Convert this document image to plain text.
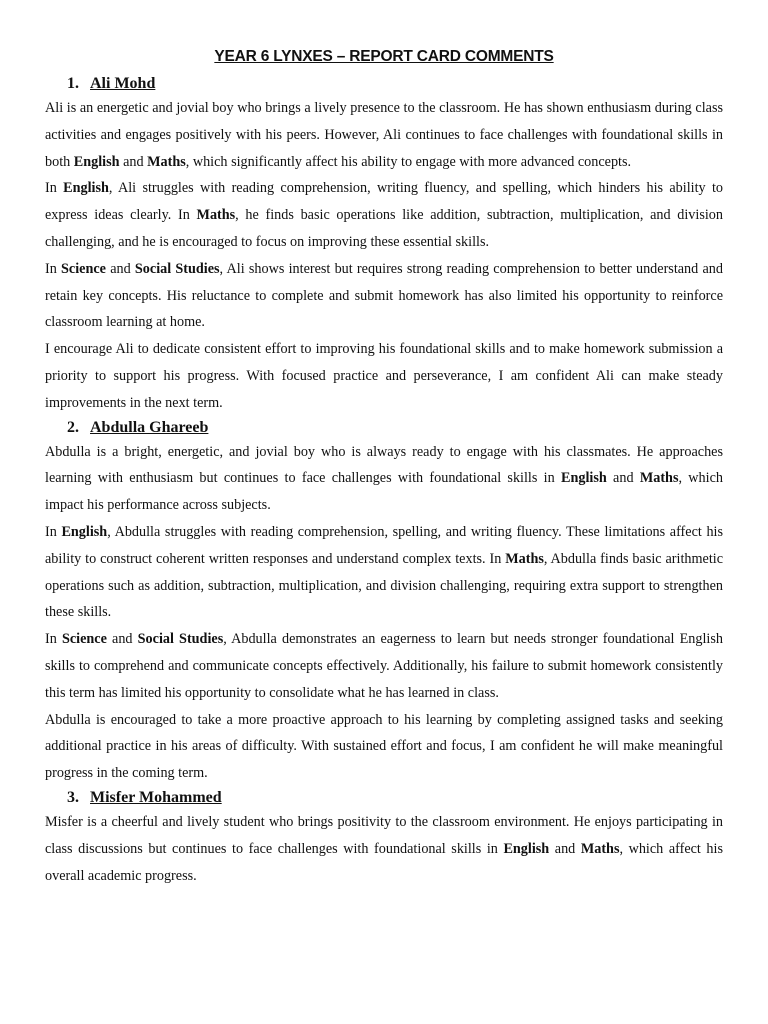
YEAR 6 LYNXES – REPORT CARD COMMENTS
1. Ali Mohd

Ali is an energetic and jovial boy who brings a lively presence to the classroom. He has shown enthusiasm during class activities and engages positively with his peers. However, Ali continues to face challenges with foundational skills in both English and Maths, which significantly affect his ability to engage with more advanced concepts.

In English, Ali struggles with reading comprehension, writing fluency, and spelling, which hinders his ability to express ideas clearly. In Maths, he finds basic operations like addition, subtraction, multiplication, and division challenging, and he is encouraged to focus on improving these essential skills.

In Science and Social Studies, Ali shows interest but requires strong reading comprehension to better understand and retain key concepts. His reluctance to complete and submit homework has also limited his opportunity to reinforce classroom learning at home.

I encourage Ali to dedicate consistent effort to improving his foundational skills and to make homework submission a priority to support his progress. With focused practice and perseverance, I am confident Ali can make steady improvements in the next term.

2. Abdulla Ghareeb

Abdulla is a bright, energetic, and jovial boy who is always ready to engage with his classmates. He approaches learning with enthusiasm but continues to face challenges with foundational skills in English and Maths, which impact his performance across subjects.

In English, Abdulla struggles with reading comprehension, spelling, and writing fluency. These limitations affect his ability to construct coherent written responses and understand complex texts. In Maths, Abdulla finds basic arithmetic operations such as addition, subtraction, multiplication, and division challenging, requiring extra support to strengthen these skills.

In Science and Social Studies, Abdulla demonstrates an eagerness to learn but needs stronger foundational English skills to comprehend and communicate concepts effectively. Additionally, his failure to submit homework consistently this term has limited his opportunity to consolidate what he has learned in class.

Abdulla is encouraged to take a more proactive approach to his learning by completing assigned tasks and seeking additional practice in his areas of difficulty. With sustained effort and focus, I am confident he will make meaningful progress in the coming term.

3. Misfer Mohammed

Misfer is a cheerful and lively student who brings positivity to the classroom environment. He enjoys participating in class discussions but continues to face challenges with foundational skills in English and Maths, which affect his overall academic progress.
